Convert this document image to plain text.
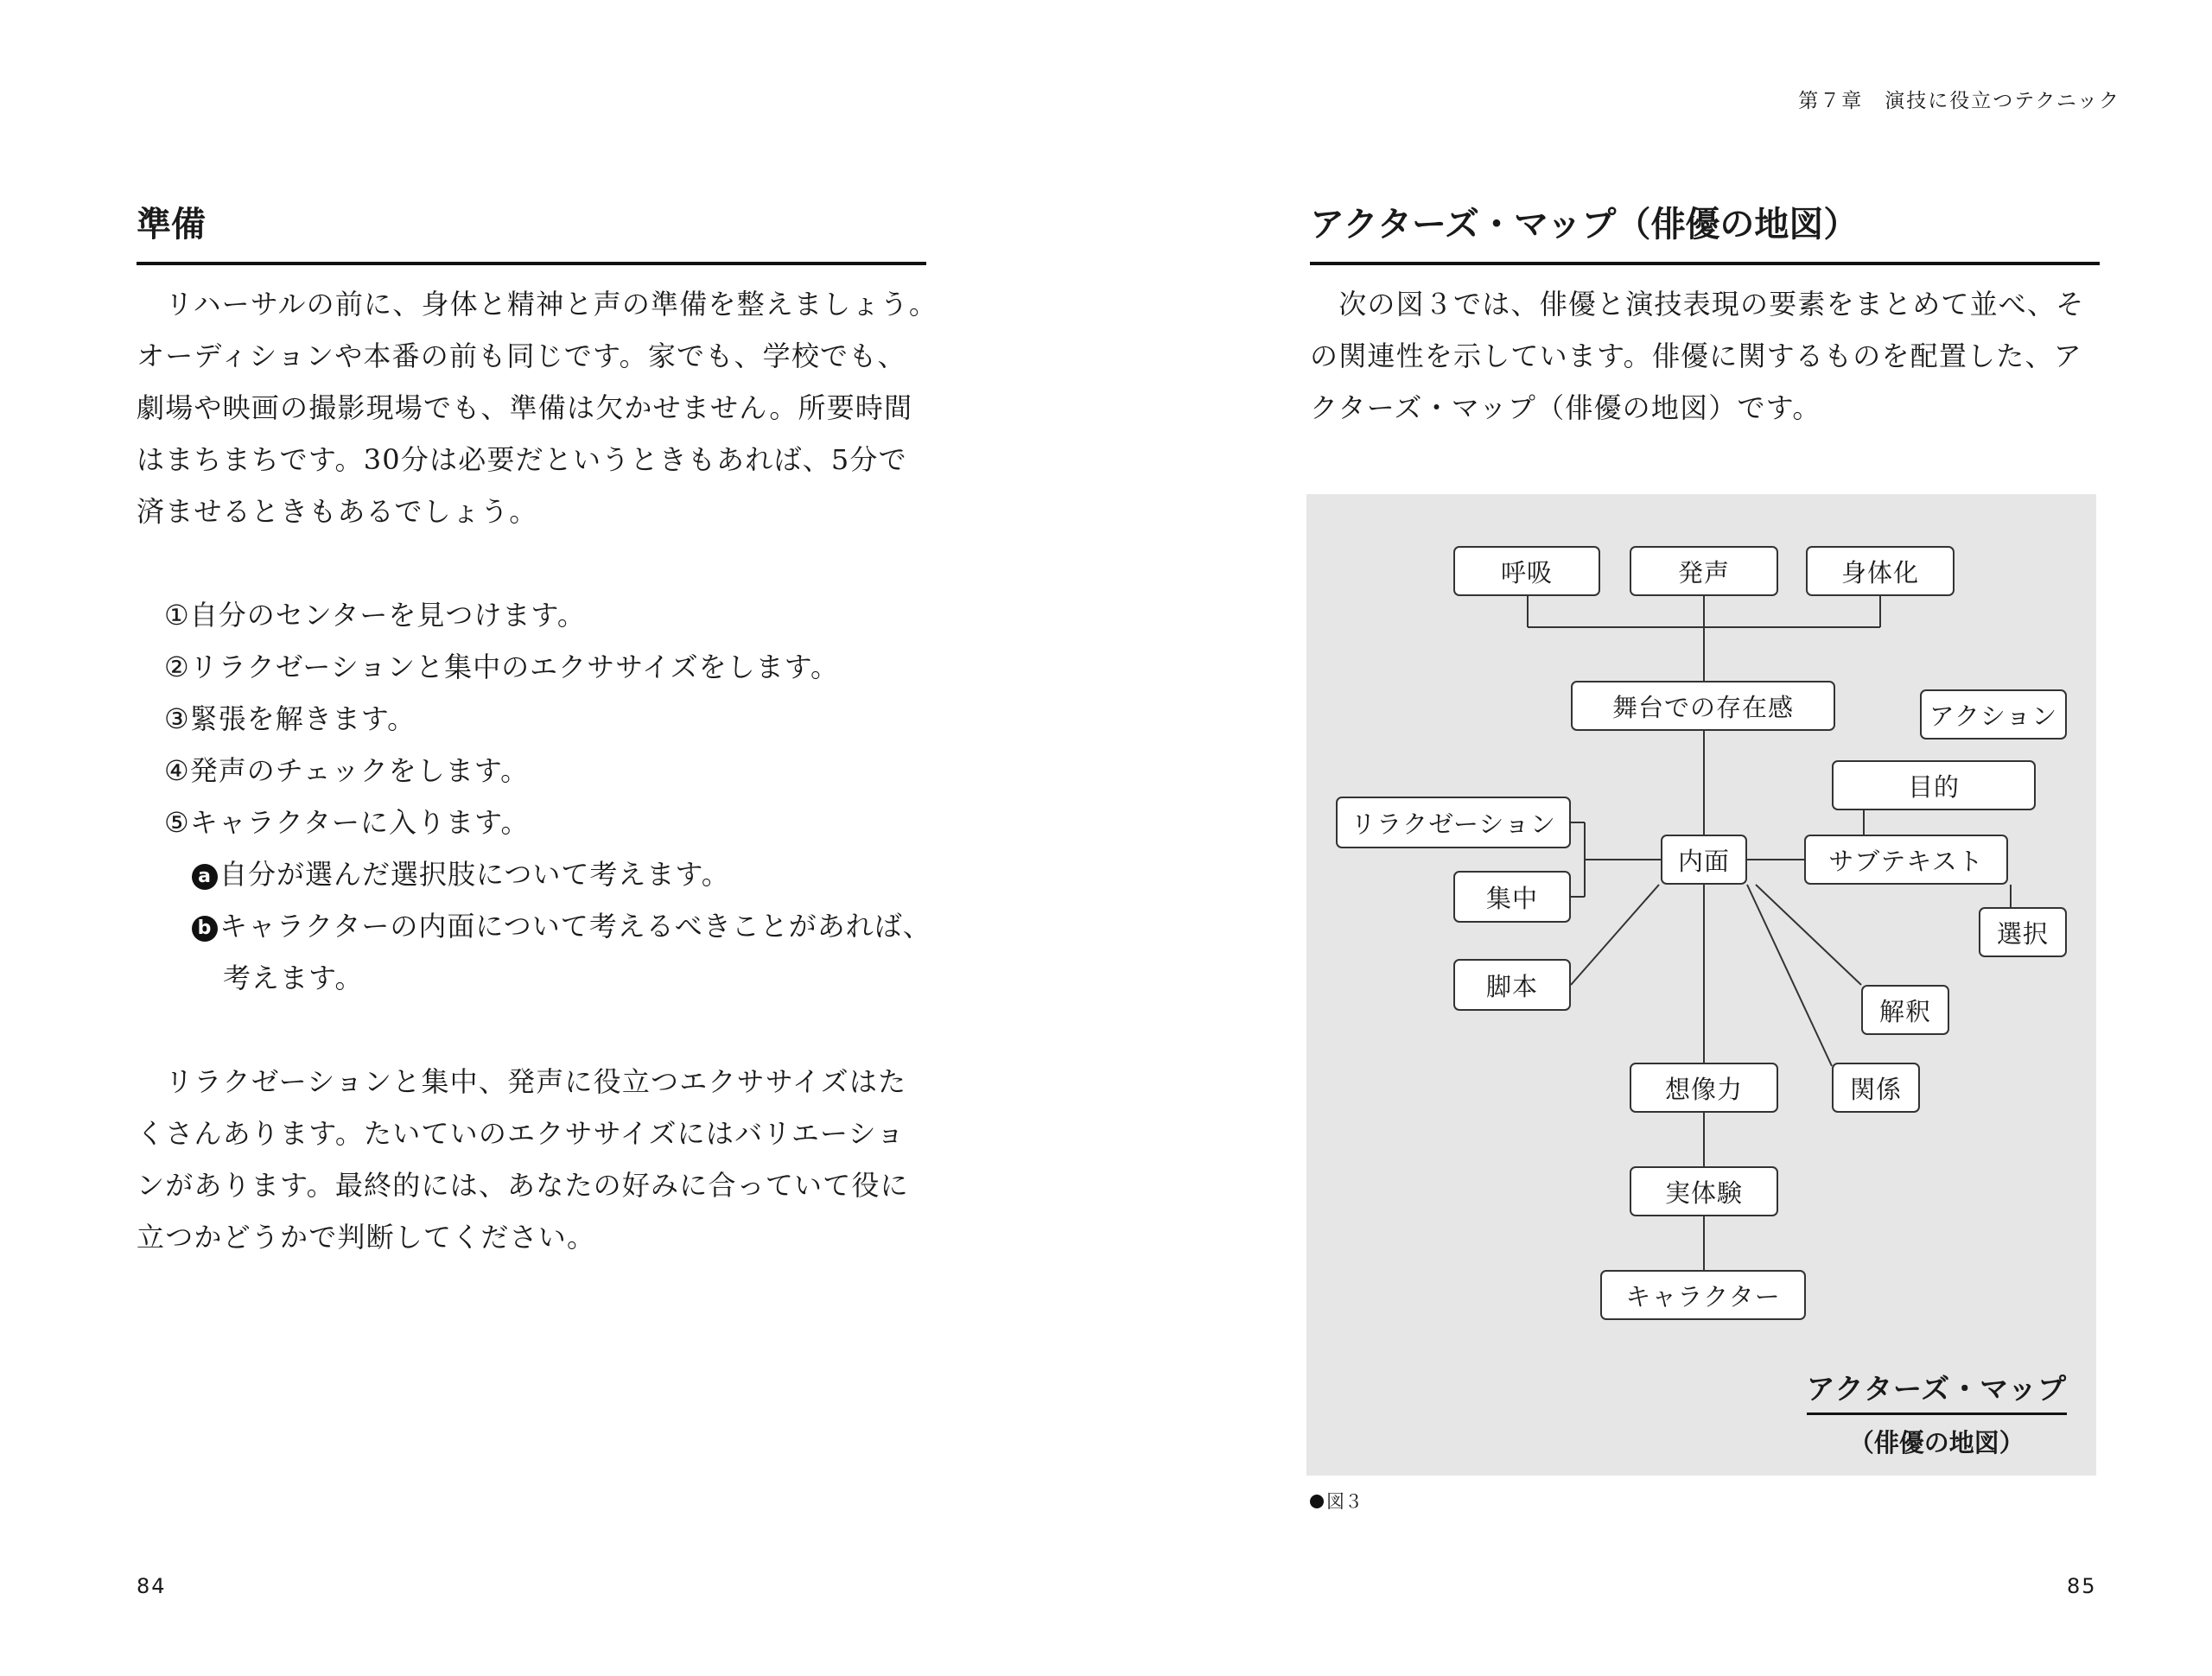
準備

　リハーサルの前に、身体と精神と声の準備を整えましょう。

オーディションや本番の前も同じです。家でも、学校でも、

劇場や映画の撮影現場でも、準備は欠かせません。所要時間

はまちまちです。30分は必要だというときもあれば、5分で

済ませるときもあるでしょう。

①自分のセンターを見つけます。
②リラクゼーションと集中のエクササイズをします。
③緊張を解きます。
④発声のチェックをします。
⑤キャラクターに入ります。
a 自分が選んだ選択肢について考えます。
b キャラクターの内面について考えるべきことがあれば、
考えます。

　リラクゼーションと集中、発声に役立つエクササイズはた

くさんあります。たいていのエクササイズにはバリエーショ

ンがあります。最終的には、あなたの好みに合っていて役に

立つかどうかで判断してください。

84
第７章　演技に役立つテクニック
アクターズ・マップ（俳優の地図）

　次の図３では、俳優と演技表現の要素をまとめて並べ、そ

の関連性を示しています。俳優に関するものを配置した、ア

クターズ・マップ（俳優の地図）です。

呼吸	発声	身体化
舞台での存在感	アクション
目的
リラクゼーション
内面	サブテキスト
集中
選択
脚本
解釈
想像力	関係
実体験
キャラクター
アクターズ・マップ
（俳優の地図）
図３
85
